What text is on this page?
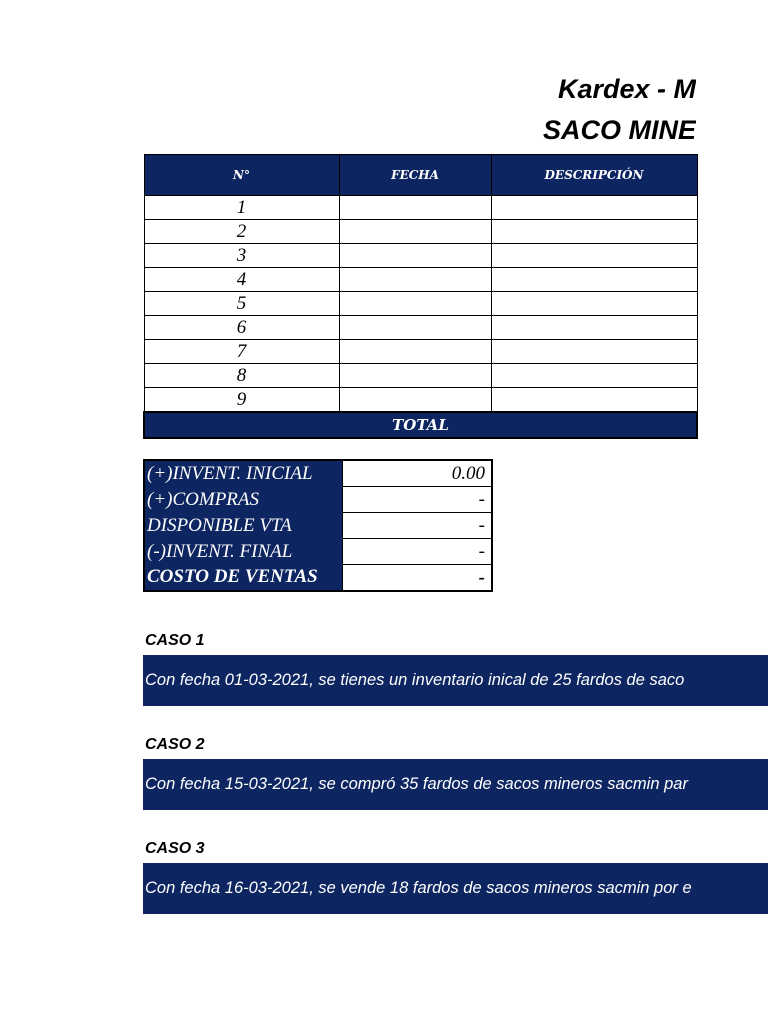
Kardex - M
SACO MINE
N°	FECHA	DESCRIPCIÓN
1		
2		
3		
4		
5		
6		
7		
8		
9		
TOTAL		
(+)INVENT. INICIAL	0.00
(+)COMPRAS	-
DISPONIBLE VTA	-
(-)INVENT. FINAL	-
COSTO DE VENTAS	-
CASO 1
Con fecha 01-03-2021, se tienes un inventario inical de 25 fardos de saco
CASO 2
Con fecha 15-03-2021, se compró 35 fardos de sacos mineros sacmin par
CASO 3
Con fecha 16-03-2021, se vende 18 fardos de sacos mineros sacmin por e
